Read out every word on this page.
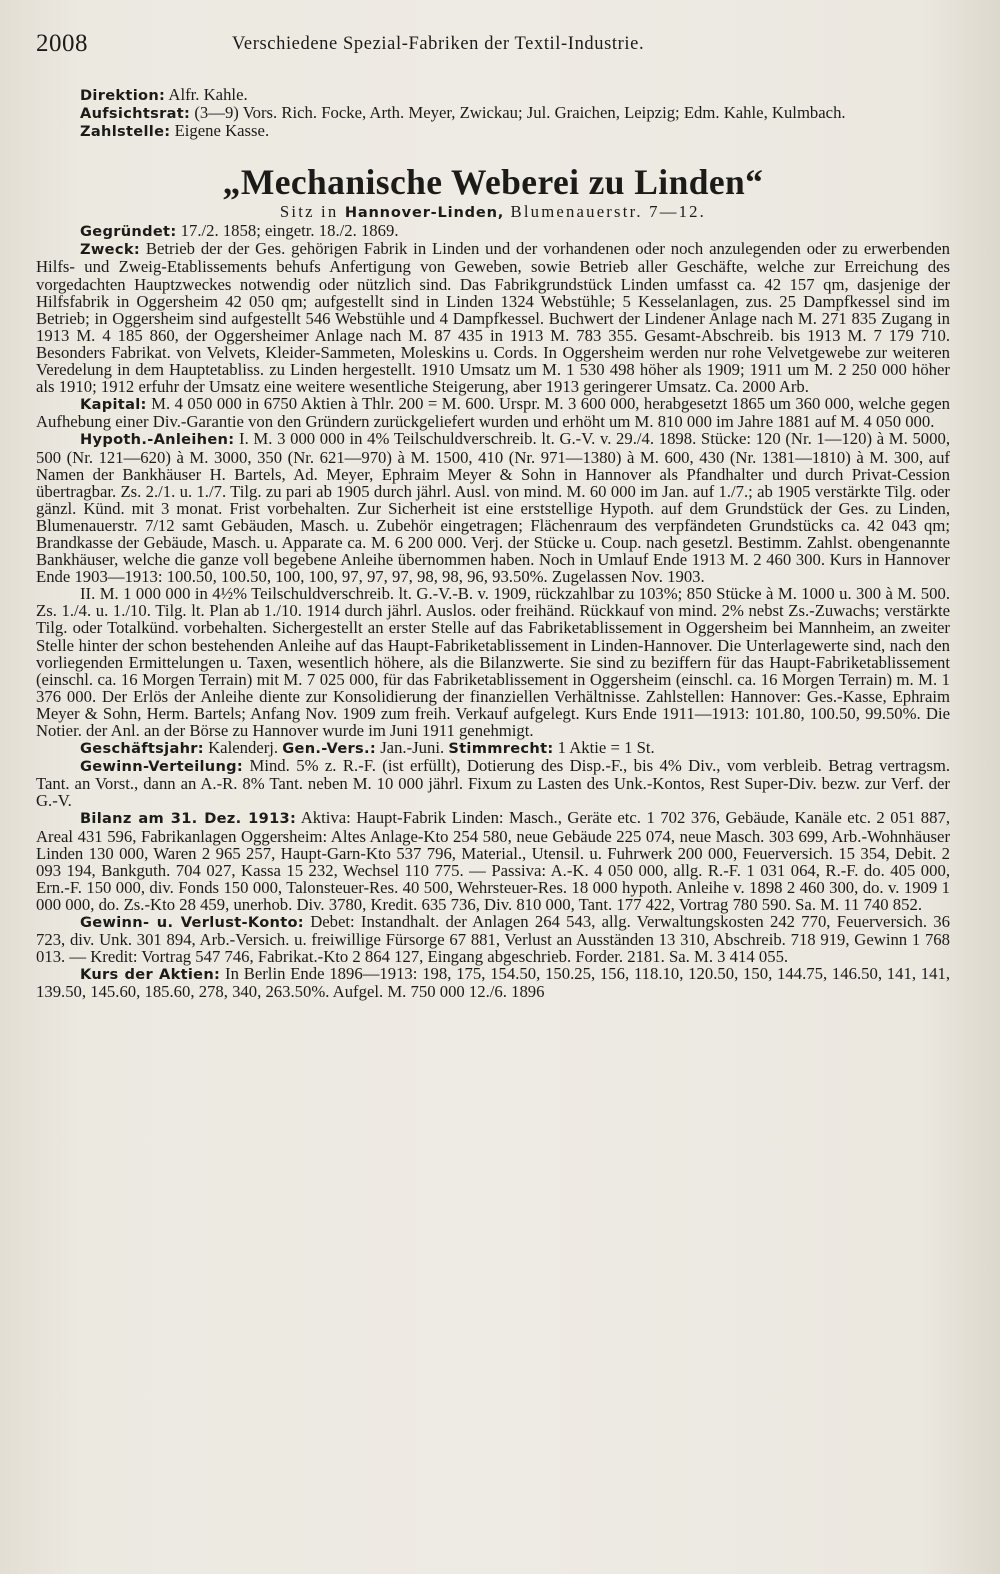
2008	Verschiedene Spezial-Fabriken der Textil-Industrie.

Direktion: Alfr. Kahle.

Aufsichtsrat: (3—9) Vors. Rich. Focke, Arth. Meyer, Zwickau; Jul. Graichen, Leipzig; Edm. Kahle, Kulmbach.

Zahlstelle: Eigene Kasse.

„Mechanische Weberei zu Linden“

Sitz in Hannover-Linden, Blumenauerstr. 7—12.

Gegründet: 17./2. 1858; eingetr. 18./2. 1869.

Zweck: Betrieb der der Ges. gehörigen Fabrik in Linden und der vorhandenen oder noch anzulegenden oder zu erwerbenden Hilfs- und Zweig-Etablissements behufs Anfertigung von Geweben, sowie Betrieb aller Geschäfte, welche zur Erreichung des vorgedachten Hauptzweckes notwendig oder nützlich sind. Das Fabrikgrundstück Linden umfasst ca. 42 157 qm, dasjenige der Hilfsfabrik in Oggersheim 42 050 qm; aufgestellt sind in Linden 1324 Webstühle; 5 Kesselanlagen, zus. 25 Dampfkessel sind im Betrieb; in Oggersheim sind aufgestellt 546 Webstühle und 4 Dampfkessel. Buchwert der Lindener Anlage nach M. 271 835 Zugang in 1913 M. 4 185 860, der Oggersheimer Anlage nach M. 87 435 in 1913 M. 783 355. Gesamt-Abschreib. bis 1913 M. 7 179 710. Besonders Fabrikat. von Velvets, Kleider-Sammeten, Moleskins u. Cords. In Oggersheim werden nur rohe Velvetgewebe zur weiteren Veredelung in dem Hauptetabliss. zu Linden hergestellt. 1910 Umsatz um M. 1 530 498 höher als 1909; 1911 um M. 2 250 000 höher als 1910; 1912 erfuhr der Umsatz eine weitere wesentliche Steigerung, aber 1913 geringerer Umsatz. Ca. 2000 Arb.

Kapital: M. 4 050 000 in 6750 Aktien à Thlr. 200 = M. 600. Urspr. M. 3 600 000, herabgesetzt 1865 um 360 000, welche gegen Aufhebung einer Div.-Garantie von den Gründern zurückgeliefert wurden und erhöht um M. 810 000 im Jahre 1881 auf M. 4 050 000.

Hypoth.-Anleihen: I. M. 3 000 000 in 4% Teilschuldverschreib. lt. G.-V. v. 29./4. 1898. Stücke: 120 (Nr. 1—120) à M. 5000, 500 (Nr. 121—620) à M. 3000, 350 (Nr. 621—970) à M. 1500, 410 (Nr. 971—1380) à M. 600, 430 (Nr. 1381—1810) à M. 300, auf Namen der Bankhäuser H. Bartels, Ad. Meyer, Ephraim Meyer & Sohn in Hannover als Pfandhalter und durch Privat-Cession übertragbar. Zs. 2./1. u. 1./7. Tilg. zu pari ab 1905 durch jährl. Ausl. von mind. M. 60 000 im Jan. auf 1./7.; ab 1905 verstärkte Tilg. oder gänzl. Künd. mit 3 monat. Frist vorbehalten. Zur Sicherheit ist eine erststellige Hypoth. auf dem Grundstück der Ges. zu Linden, Blumenauerstr. 7/12 samt Gebäuden, Masch. u. Zubehör eingetragen; Flächenraum des verpfändeten Grundstücks ca. 42 043 qm; Brandkasse der Gebäude, Masch. u. Apparate ca. M. 6 200 000. Verj. der Stücke u. Coup. nach gesetzl. Bestimm. Zahlst. obengenannte Bankhäuser, welche die ganze voll begebene Anleihe übernommen haben. Noch in Umlauf Ende 1913 M. 2 460 300. Kurs in Hannover Ende 1903—1913: 100.50, 100.50, 100, 100, 97, 97, 97, 98, 98, 96, 93.50%. Zugelassen Nov. 1903.

II. M. 1 000 000 in 4½% Teilschuldverschreib. lt. G.-V.-B. v. 1909, rückzahlbar zu 103%; 850 Stücke à M. 1000 u. 300 à M. 500. Zs. 1./4. u. 1./10. Tilg. lt. Plan ab 1./10. 1914 durch jährl. Auslos. oder freihänd. Rückkauf von mind. 2% nebst Zs.-Zuwachs; verstärkte Tilg. oder Totalkünd. vorbehalten. Sichergestellt an erster Stelle auf das Fabriketablissement in Oggersheim bei Mannheim, an zweiter Stelle hinter der schon bestehenden Anleihe auf das Haupt-Fabriketablissement in Linden-Hannover. Die Unterlagewerte sind, nach den vorliegenden Ermittelungen u. Taxen, wesentlich höhere, als die Bilanzwerte. Sie sind zu beziffern für das Haupt-Fabriketablissement (einschl. ca. 16 Morgen Terrain) mit M. 7 025 000, für das Fabriketablissement in Oggersheim (einschl. ca. 16 Morgen Terrain) m. M. 1 376 000. Der Erlös der Anleihe diente zur Konsolidierung der finanziellen Verhältnisse. Zahlstellen: Hannover: Ges.-Kasse, Ephraim Meyer & Sohn, Herm. Bartels; Anfang Nov. 1909 zum freih. Verkauf aufgelegt. Kurs Ende 1911—1913: 101.80, 100.50, 99.50%. Die Notier. der Anl. an der Börse zu Hannover wurde im Juni 1911 genehmigt.

Geschäftsjahr: Kalenderj. Gen.-Vers.: Jan.-Juni. Stimmrecht: 1 Aktie = 1 St.

Gewinn-Verteilung: Mind. 5% z. R.-F. (ist erfüllt), Dotierung des Disp.-F., bis 4% Div., vom verbleib. Betrag vertragsm. Tant. an Vorst., dann an A.-R. 8% Tant. neben M. 10 000 jährl. Fixum zu Lasten des Unk.-Kontos, Rest Super-Div. bezw. zur Verf. der G.-V.

Bilanz am 31. Dez. 1913: Aktiva: Haupt-Fabrik Linden: Masch., Geräte etc. 1 702 376, Gebäude, Kanäle etc. 2 051 887, Areal 431 596, Fabrikanlagen Oggersheim: Altes Anlage-Kto 254 580, neue Gebäude 225 074, neue Masch. 303 699, Arb.-Wohnhäuser Linden 130 000, Waren 2 965 257, Haupt-Garn-Kto 537 796, Material., Utensil. u. Fuhrwerk 200 000, Feuerversich. 15 354, Debit. 2 093 194, Bankguth. 704 027, Kassa 15 232, Wechsel 110 775. — Passiva: A.-K. 4 050 000, allg. R.-F. 1 031 064, R.-F. do. 405 000, Ern.-F. 150 000, div. Fonds 150 000, Talonsteuer-Res. 40 500, Wehrsteuer-Res. 18 000 hypoth. Anleihe v. 1898 2 460 300, do. v. 1909 1 000 000, do. Zs.-Kto 28 459, unerhob. Div. 3780, Kredit. 635 736, Div. 810 000, Tant. 177 422, Vortrag 780 590. Sa. M. 11 740 852.

Gewinn- u. Verlust-Konto: Debet: Instandhalt. der Anlagen 264 543, allg. Verwaltungskosten 242 770, Feuerversich. 36 723, div. Unk. 301 894, Arb.-Versich. u. freiwillige Fürsorge 67 881, Verlust an Ausständen 13 310, Abschreib. 718 919, Gewinn 1 768 013. — Kredit: Vortrag 547 746, Fabrikat.-Kto 2 864 127, Eingang abgeschrieb. Forder. 2181. Sa. M. 3 414 055.

Kurs der Aktien: In Berlin Ende 1896—1913: 198, 175, 154.50, 150.25, 156, 118.10, 120.50, 150, 144.75, 146.50, 141, 141, 139.50, 145.60, 185.60, 278, 340, 263.50%. Aufgel. M. 750 000 12./6. 1896
